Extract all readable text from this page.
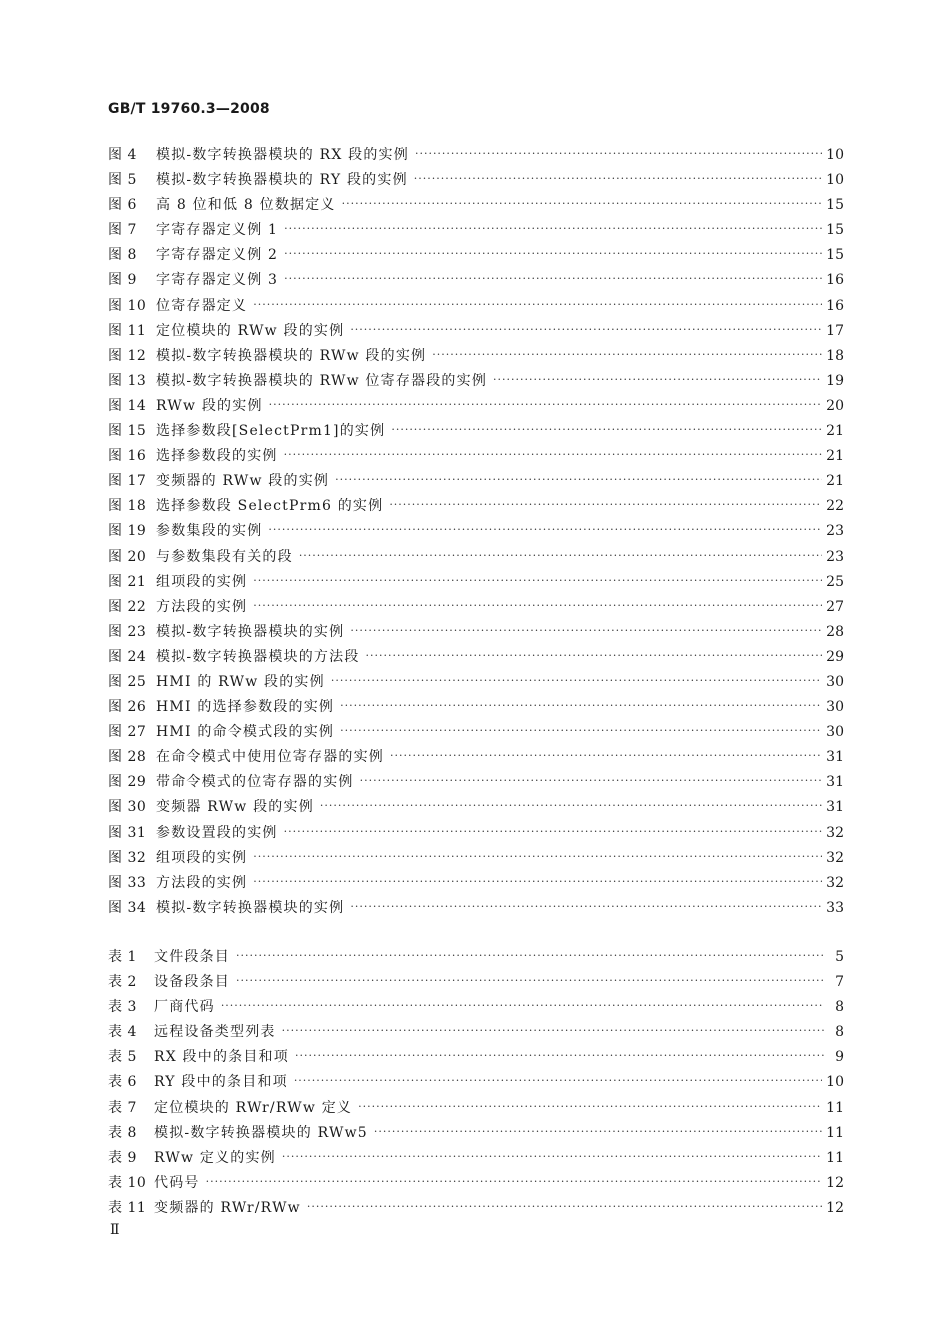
GB/T 19760.3—2008
图 4	模拟-数字转换器模块的 RX 段的实例 ·····	10
图 5	模拟-数字转换器模块的 RY 段的实例 ·····	10
图 6	高 8 位和低 8 位数据定义 ·····	15
图 7	字寄存器定义例 1 ·····	15
图 8	字寄存器定义例 2 ·····	15
图 9	字寄存器定义例 3 ·····	16
图 10 位寄存器定义 ·····	16
图 11 定位模块的 RWw 段的实例 ·····	17
图 12 模拟-数字转换器模块的 RWw 段的实例 ·····	18
图 13 模拟-数字转换器模块的 RWw 位寄存器段的实例 ·····	19
图 14 RWw 段的实例 ·····	20
图 15 选择参数段[SelectPrm1]的实例 ·····	21
图 16 选择参数段的实例 ·····	21
图 17 变频器的 RWw 段的实例 ·····	21
图 18 选择参数段 SelectPrm6 的实例 ·····	22
图 19 参数集段的实例 ·····	23
图 20 与参数集段有关的段 ·····	23
图 21 组项段的实例 ·····	25
图 22 方法段的实例 ·····	27
图 23 模拟-数字转换器模块的实例 ·····	28
图 24 模拟-数字转换器模块的方法段 ·····	29
图 25 HMI 的 RWw 段的实例 ·····	30
图 26 HMI 的选择参数段的实例 ·····	30
图 27 HMI 的命令模式段的实例 ·····	30
图 28 在命令模式中使用位寄存器的实例 ·····	31
图 29 带命令模式的位寄存器的实例 ·····	31
图 30 变频器 RWw 段的实例 ·····	31
图 31 参数设置段的实例 ·····	32
图 32 组项段的实例 ·····	32
图 33 方法段的实例 ·····	32
图 34 模拟-数字转换器模块的实例 ·····	33
表 1	文件段条目 ·····	5
表 2	设备段条目 ·····	7
表 3	厂商代码 ·····	8
表 4	远程设备类型列表 ·····	8
表 5	RX 段中的条目和项 ·····	9
表 6	RY 段中的条目和项 ·····	10
表 7	定位模块的 RWr/RWw 定义 ·····	11
表 8	模拟-数字转换器模块的 RWw5 ·····	11
表 9	RWw 定义的实例 ·····	11
表 10 代码号 ·····	12
表 11 变频器的 RWr/RWw ·····	12
Ⅱ
